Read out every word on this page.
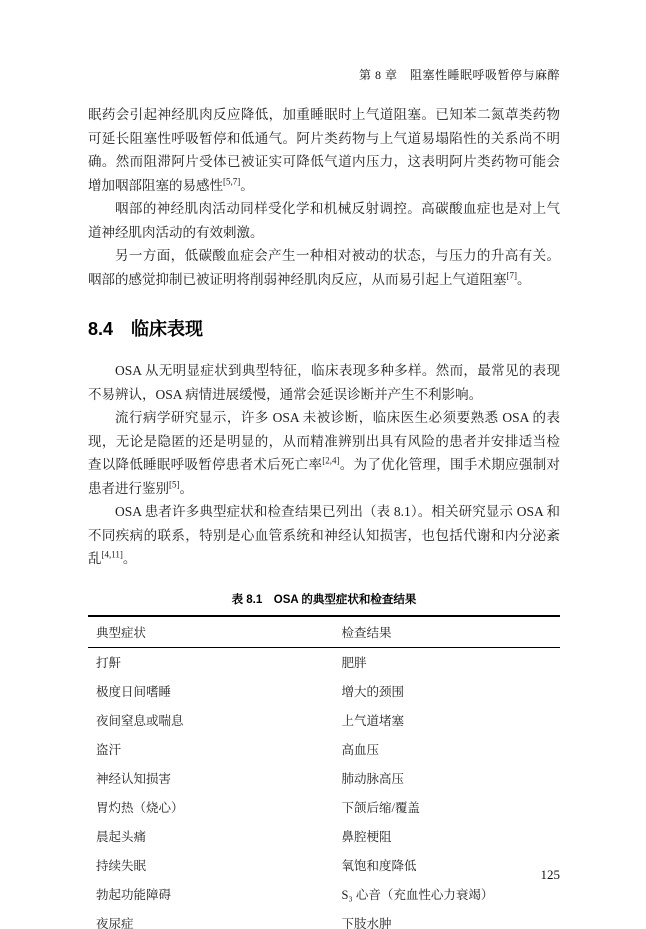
第 8 章　阻塞性睡眠呼吸暂停与麻醉

眠药会引起神经肌肉反应降低，加重睡眠时上气道阻塞。已知苯二氮䓬类药物可延长阻塞性呼吸暂停和低通气。阿片类药物与上气道易塌陷性的关系尚不明确。然而阻滞阿片受体已被证实可降低气道内压力，这表明阿片类药物可能会增加咽部阻塞的易感性[5,7]。

咽部的神经肌肉活动同样受化学和机械反射调控。高碳酸血症也是对上气道神经肌肉活动的有效刺激。

另一方面，低碳酸血症会产生一种相对被动的状态，与压力的升高有关。咽部的感觉抑制已被证明将削弱神经肌肉反应，从而易引起上气道阻塞[7]。

8.4　临床表现

OSA 从无明显症状到典型特征，临床表现多种多样。然而，最常见的表现不易辨认，OSA 病情进展缓慢，通常会延误诊断并产生不利影响。

流行病学研究显示，许多 OSA 未被诊断，临床医生必须要熟悉 OSA 的表现，无论是隐匿的还是明显的，从而精准辨别出具有风险的患者并安排适当检查以降低睡眠呼吸暂停患者术后死亡率[2,4]。为了优化管理，围手术期应强制对患者进行鉴别[5]。

OSA 患者许多典型症状和检查结果已列出（表 8.1）。相关研究显示 OSA 和不同疾病的联系，特别是心血管系统和神经认知损害，也包括代谢和内分泌紊乱[4,11]。

表 8.1　OSA 的典型症状和检查结果
典型症状	检查结果
打鼾	肥胖
极度日间嗜睡	增大的颈围
夜间窒息或喘息	上气道堵塞
盗汗	高血压
神经认知损害	肺动脉高压
胃灼热（烧心）	下颌后缩/覆盖
晨起头痛	鼻腔梗阻
持续失眠	氧饱和度降低
勃起功能障碍	S₃ 心音（充血性心力衰竭）
夜尿症	下肢水肿
125
